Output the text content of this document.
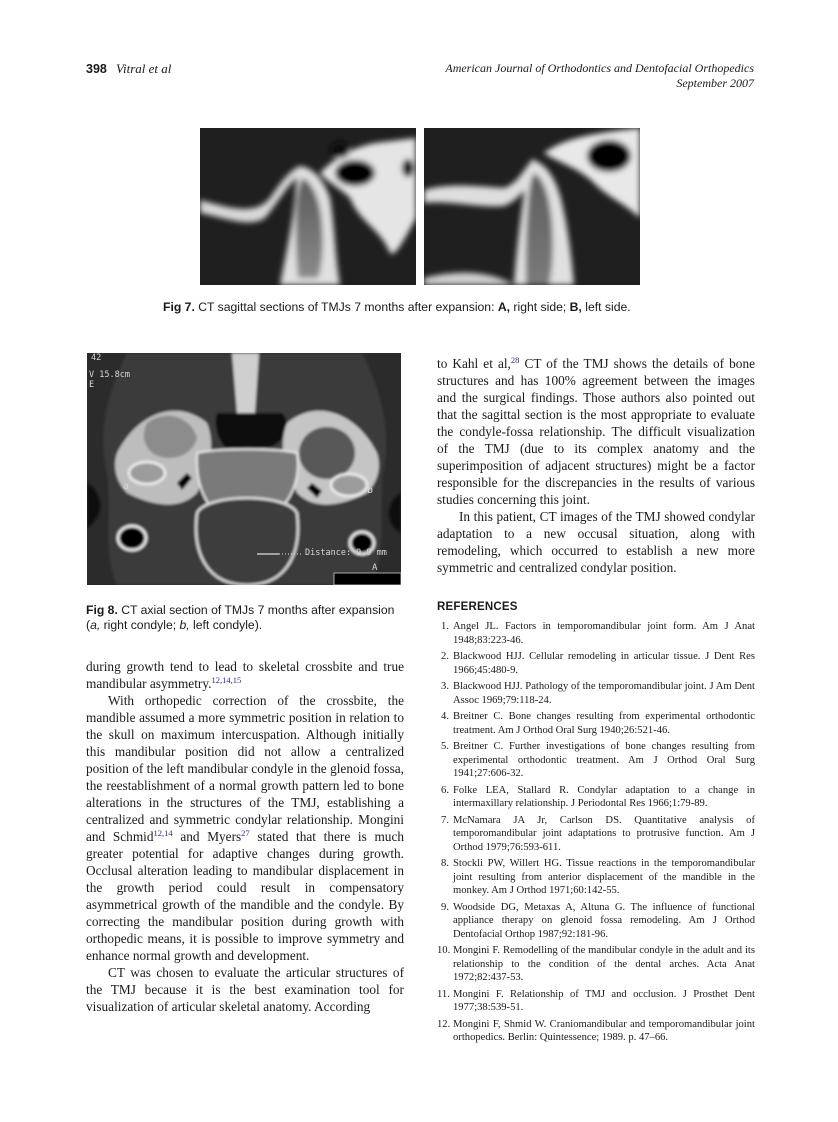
398 Vitral et al	American Journal of Orthodontics and Dentofacial Orthopedics
September 2007
Fig 7. CT sagittal sections of TMJs 7 months after expansion: A, right side; B, left side.
42
V 15.8cm
E
a	b
Distance: 9.9 mm
A
Fig 8. CT axial section of TMJs 7 months after expansion (a, right condyle; b, left condyle).

during growth tend to lead to skeletal crossbite and true mandibular asymmetry.$^{12,14,15}$

With orthopedic correction of the crossbite, the mandible assumed a more symmetric position in relation to the skull on maximum intercuspation. Although initially this mandibular position did not allow a centralized position of the left mandibular condyle in the glenoid fossa, the reestablishment of a normal growth pattern led to bone alterations in the structures of the TMJ, establishing a centralized and symmetric condylar relationship. Mongini and Schmid$^{12,14}$ and Myers$^{27}$ stated that there is much greater potential for adaptive changes during growth. Occlusal alteration leading to mandibular displacement in the growth period could result in compensatory asymmetrical growth of the mandible and the condyle. By correcting the mandibular position during growth with orthopedic means, it is possible to improve symmetry and enhance normal growth and development.

CT was chosen to evaluate the articular structures of the TMJ because it is the best examination tool for visualization of articular skeletal anatomy. According

to Kahl et al,$^{28}$ CT of the TMJ shows the details of bone structures and has 100% agreement between the images and the surgical findings. Those authors also pointed out that the sagittal section is the most appropriate to evaluate the condyle-fossa relationship. The difficult visualization of the TMJ (due to its complex anatomy and the superimposition of adjacent structures) might be a factor responsible for the discrepancies in the results of various studies concerning this joint.

In this patient, CT images of the TMJ showed condylar adaptation to a new occusal situation, along with remodeling, which occurred to establish a new more symmetric and centralized condylar position.

REFERENCES
1. Angel JL. Factors in temporomandibular joint form. Am J Anat 1948;83:223-46.
2. Blackwood HJJ. Cellular remodeling in articular tissue. J Dent Res 1966;45:480-9.
3. Blackwood HJJ. Pathology of the temporomandibular joint. J Am Dent Assoc 1969;79:118-24.
4. Breitner C. Bone changes resulting from experimental orthodontic treatment. Am J Orthod Oral Surg 1940;26:521-46.
5. Breitner C. Further investigations of bone changes resulting from experimental orthodontic treatment. Am J Orthod Oral Surg 1941;27:606-32.
6. Folke LEA, Stallard R. Condylar adaptation to a change in intermaxillary relationship. J Periodontal Res 1966;1:79-89.
7. McNamara JA Jr, Carlson DS. Quantitative analysis of temporomandibular joint adaptations to protrusive function. Am J Orthod 1979;76:593-611.
8. Stockli PW, Willert HG. Tissue reactions in the temporomandibular joint resulting from anterior displacement of the mandible in the monkey. Am J Orthod 1971;60:142-55.
9. Woodside DG, Metaxas A, Altuna G. The influence of functional appliance therapy on glenoid fossa remodeling. Am J Orthod Dentofacial Orthop 1987;92:181-96.
10. Mongini F. Remodelling of the mandibular condyle in the adult and its relationship to the condition of the dental arches. Acta Anat 1972;82:437-53.
11. Mongini F. Relationship of TMJ and occlusion. J Prosthet Dent 1977;38:539-51.
12. Mongini F, Shmid W. Craniomandibular and temporomandibular joint orthopedics. Berlin: Quintessence; 1989. p. 47–66.
